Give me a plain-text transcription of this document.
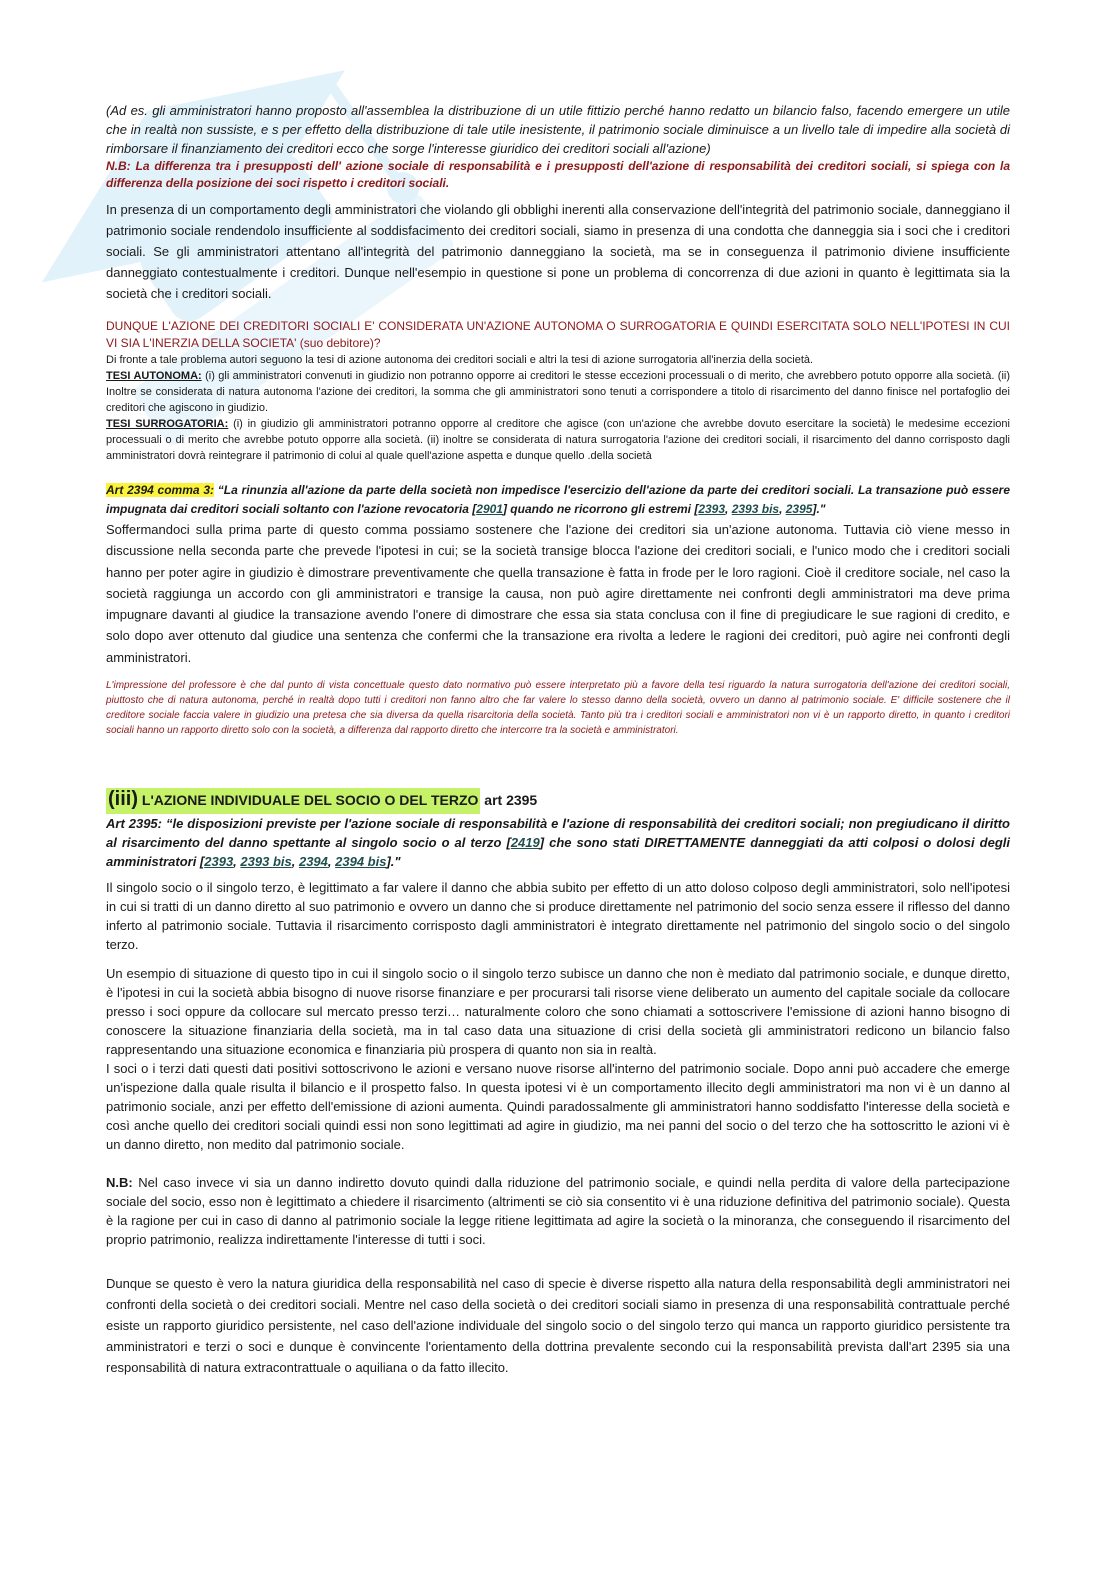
(Ad es. gli amministratori hanno proposto all'assemblea la distribuzione di un utile fittizio perché hanno redatto un bilancio falso, facendo emergere un utile che in realtà non sussiste, e s per effetto della distribuzione di tale utile inesistente, il patrimonio sociale diminuisce a un livello tale di impedire alla società di rimborsare il finanziamento dei creditori ecco che sorge l'interesse giuridico dei creditori sociali all'azione)

N.B: La differenza tra i presupposti dell' azione sociale di responsabilità e i presupposti dell'azione di responsabilità dei creditori sociali, si spiega con la differenza della posizione dei soci rispetto i creditori sociali.

In presenza di un comportamento degli amministratori che violando gli obblighi inerenti alla conservazione dell'integrità del patrimonio sociale, danneggiano il patrimonio sociale rendendolo insufficiente al soddisfacimento dei creditori sociali, siamo in presenza di una condotta che danneggia sia i soci che i creditori sociali. Se gli amministratori attentano all'integrità del patrimonio danneggiano la società, ma se in conseguenza il patrimonio diviene insufficiente danneggiato contestualmente i creditori. Dunque nell'esempio in questione si pone un problema di concorrenza di due azioni in quanto è legittimata sia la società che i creditori sociali.

DUNQUE L'AZIONE DEI CREDITORI SOCIALI E' CONSIDERATA UN'AZIONE AUTONOMA O SURROGATORIA E QUINDI ESERCITATA SOLO NELL'IPOTESI IN CUI VI SIA L'INERZIA DELLA SOCIETA' (suo debitore)?

Di fronte a tale problema autori seguono la tesi di azione autonoma dei creditori sociali e altri la tesi di azione surrogatoria all'inerzia della società.

TESI AUTONOMA: (i) gli amministratori convenuti in giudizio non potranno opporre ai creditori le stesse eccezioni processuali o di merito, che avrebbero potuto opporre alla società. (ii) Inoltre se considerata di natura autonoma l'azione dei creditori, la somma che gli amministratori sono tenuti a corrispondere a titolo di risarcimento del danno finisce nel portafoglio dei creditori che agiscono in giudizio.

TESI SURROGATORIA: (i) in giudizio gli amministratori potranno opporre al creditore che agisce (con un'azione che avrebbe dovuto esercitare la società) le medesime eccezioni processuali o di merito che avrebbe potuto opporre alla società. (ii) inoltre se considerata di natura surrogatoria l'azione dei creditori sociali, il risarcimento del danno corrisposto dagli amministratori dovrà reintegrare il patrimonio di colui al quale quell'azione aspetta e dunque quello .della società

Art 2394 comma 3: “La rinunzia all'azione da parte della società non impedisce l'esercizio dell'azione da parte dei creditori sociali. La transazione può essere impugnata dai creditori sociali soltanto con l'azione revocatoria [2901] quando ne ricorrono gli estremi [2393, 2393 bis, 2395]."

Soffermandoci sulla prima parte di questo comma possiamo sostenere che l'azione dei creditori sia un'azione autonoma. Tuttavia ciò viene messo in discussione nella seconda parte che prevede l'ipotesi in cui; se la società transige blocca l'azione dei creditori sociali, e l'unico modo che i creditori sociali hanno per poter agire in giudizio è dimostrare preventivamente che quella transazione è fatta in frode per le loro ragioni. Cioè il creditore sociale, nel caso la società raggiunga un accordo con gli amministratori e transige la causa, non può agire direttamente nei confronti degli amministratori ma deve prima impugnare davanti al giudice la transazione avendo l'onere di dimostrare che essa sia stata conclusa con il fine di pregiudicare le sue ragioni di credito, e solo dopo aver ottenuto dal giudice una sentenza che confermi che la transazione era rivolta a ledere le ragioni dei creditori, può agire nei confronti degli amministratori.

L'impressione del professore è che dal punto di vista concettuale questo dato normativo può essere interpretato più a favore della tesi riguardo la natura surrogatoria dell'azione dei creditori sociali, piuttosto che di natura autonoma, perché in realtà dopo tutti i creditori non fanno altro che far valere lo stesso danno della società, ovvero un danno al patrimonio sociale. E' difficile sostenere che il creditore sociale faccia valere in giudizio una pretesa che sia diversa da quella risarcitoria della società. Tanto più tra i creditori sociali e amministratori non vi è un rapporto diretto, in quanto i creditori sociali hanno un rapporto diretto solo con la società, a differenza dal rapporto diretto che intercorre tra la società e amministratori.

(iii) L'AZIONE INDIVIDUALE DEL SOCIO O DEL TERZO art 2395

Art 2395: “le disposizioni previste per l'azione sociale di responsabilità e l'azione di responsabilità dei creditori sociali; non pregiudicano il diritto al risarcimento del danno spettante al singolo socio o al terzo [2419] che sono stati DIRETTAMENTE danneggiati da atti colposi o dolosi degli amministratori [2393, 2393 bis, 2394, 2394 bis]."

Il singolo socio o il singolo terzo, è legittimato a far valere il danno che abbia subito per effetto di un atto doloso colposo degli amministratori, solo nell'ipotesi in cui si tratti di un danno diretto al suo patrimonio e ovvero un danno che si produce direttamente nel patrimonio del socio senza essere il riflesso del danno inferto al patrimonio sociale. Tuttavia il risarcimento corrisposto dagli amministratori è integrato direttamente nel patrimonio del singolo socio o del singolo terzo.

Un esempio di situazione di questo tipo in cui il singolo socio o il singolo terzo subisce un danno che non è mediato dal patrimonio sociale, e dunque diretto, è l'ipotesi in cui la società abbia bisogno di nuove risorse finanziare e per procurarsi tali risorse viene deliberato un aumento del capitale sociale da collocare presso i soci oppure da collocare sul mercato presso terzi… naturalmente coloro che sono chiamati a sottoscrivere l'emissione di azioni hanno bisogno di conoscere la situazione finanziaria della società, ma in tal caso data una situazione di crisi della società gli amministratori redicono un bilancio falso rappresentando una situazione economica e finanziaria più prospera di quanto non sia in realtà.

I soci o i terzi dati questi dati positivi sottoscrivono le azioni e versano nuove risorse all'interno del patrimonio sociale. Dopo anni può accadere che emerge un'ispezione dalla quale risulta il bilancio e il prospetto falso. In questa ipotesi vi è un comportamento illecito degli amministratori ma non vi è un danno al patrimonio sociale, anzi per effetto dell'emissione di azioni aumenta. Quindi paradossalmente gli amministratori hanno soddisfatto l'interesse della società e così anche quello dei creditori sociali quindi essi non sono legittimati ad agire in giudizio, ma nei panni del socio o del terzo che ha sottoscritto le azioni vi è un danno diretto, non medito dal patrimonio sociale.

N.B: Nel caso invece vi sia un danno indiretto dovuto quindi dalla riduzione del patrimonio sociale, e quindi nella perdita di valore della partecipazione sociale del socio, esso non è legittimato a chiedere il risarcimento (altrimenti se ciò sia consentito vi è una riduzione definitiva del patrimonio sociale). Questa è la ragione per cui in caso di danno al patrimonio sociale la legge ritiene legittimata ad agire la società o la minoranza, che conseguendo il risarcimento del proprio patrimonio, realizza indirettamente l'interesse di tutti i soci.

Dunque se questo è vero la natura giuridica della responsabilità nel caso di specie è diverse rispetto alla natura della responsabilità degli amministratori nei confronti della società o dei creditori sociali. Mentre nel caso della società o dei creditori sociali siamo in presenza di una responsabilità contrattuale perché esiste un rapporto giuridico persistente, nel caso dell'azione individuale del singolo socio o del singolo terzo qui manca un rapporto giuridico persistente tra amministratori e terzi o soci e dunque è convincente l'orientamento della dottrina prevalente secondo cui la responsabilità prevista dall'art 2395 sia una responsabilità di natura extracontrattuale o aquiliana o da fatto illecito.
